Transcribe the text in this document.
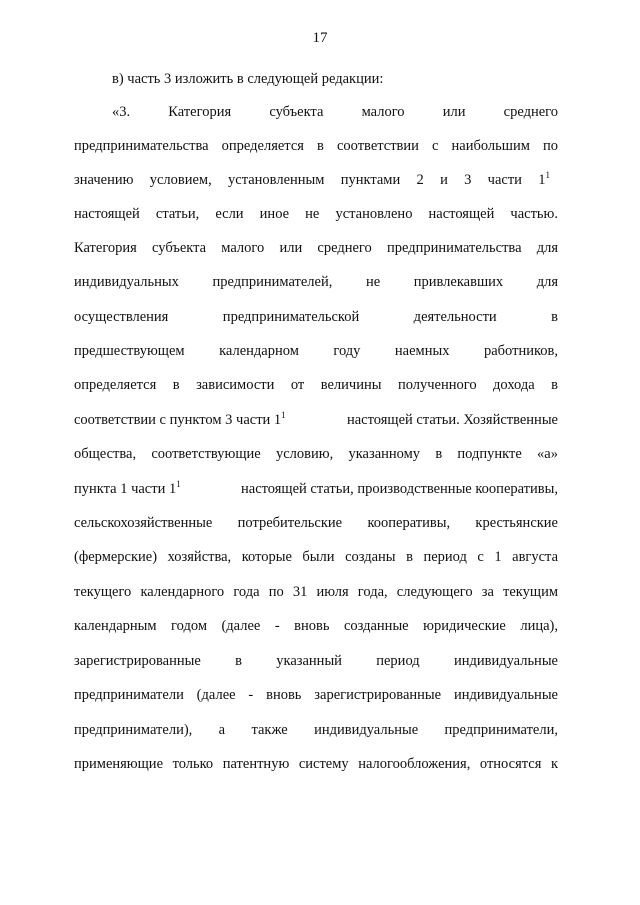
17
в) часть 3 изложить в следующей редакции:
«3. Категория субъекта малого или среднего
предпринимательства определяется в соответствии с наибольшим по
значению условием, установленным пунктами 2 и 3 части $1^1$
настоящей статьи, если иное не установлено настоящей частью.
Категория субъекта малого или среднего предпринимательства для
индивидуальных предпринимателей, не привлекавших для
осуществления предпринимательской деятельности в
предшествующем календарном году наемных работников,
определяется в зависимости от величины полученного дохода в
соответствии с пунктом 3 части $1^1$	настоящей статьи. Хозяйственные
общества, соответствующие условию, указанному в подпункте «а»
пункта 1 части $1^1$	настоящей статьи, производственные кооперативы,
сельскохозяйственные потребительские кооперативы, крестьянские
(фермерские) хозяйства, которые были созданы в период с 1 августа
текущего календарного года по 31 июля года, следующего за текущим
календарным годом (далее - вновь созданные юридические лица),
зарегистрированные в указанный период индивидуальные
предприниматели (далее - вновь зарегистрированные индивидуальные
предприниматели), а также индивидуальные предприниматели,
применяющие только патентную систему налогообложения, относятся к
